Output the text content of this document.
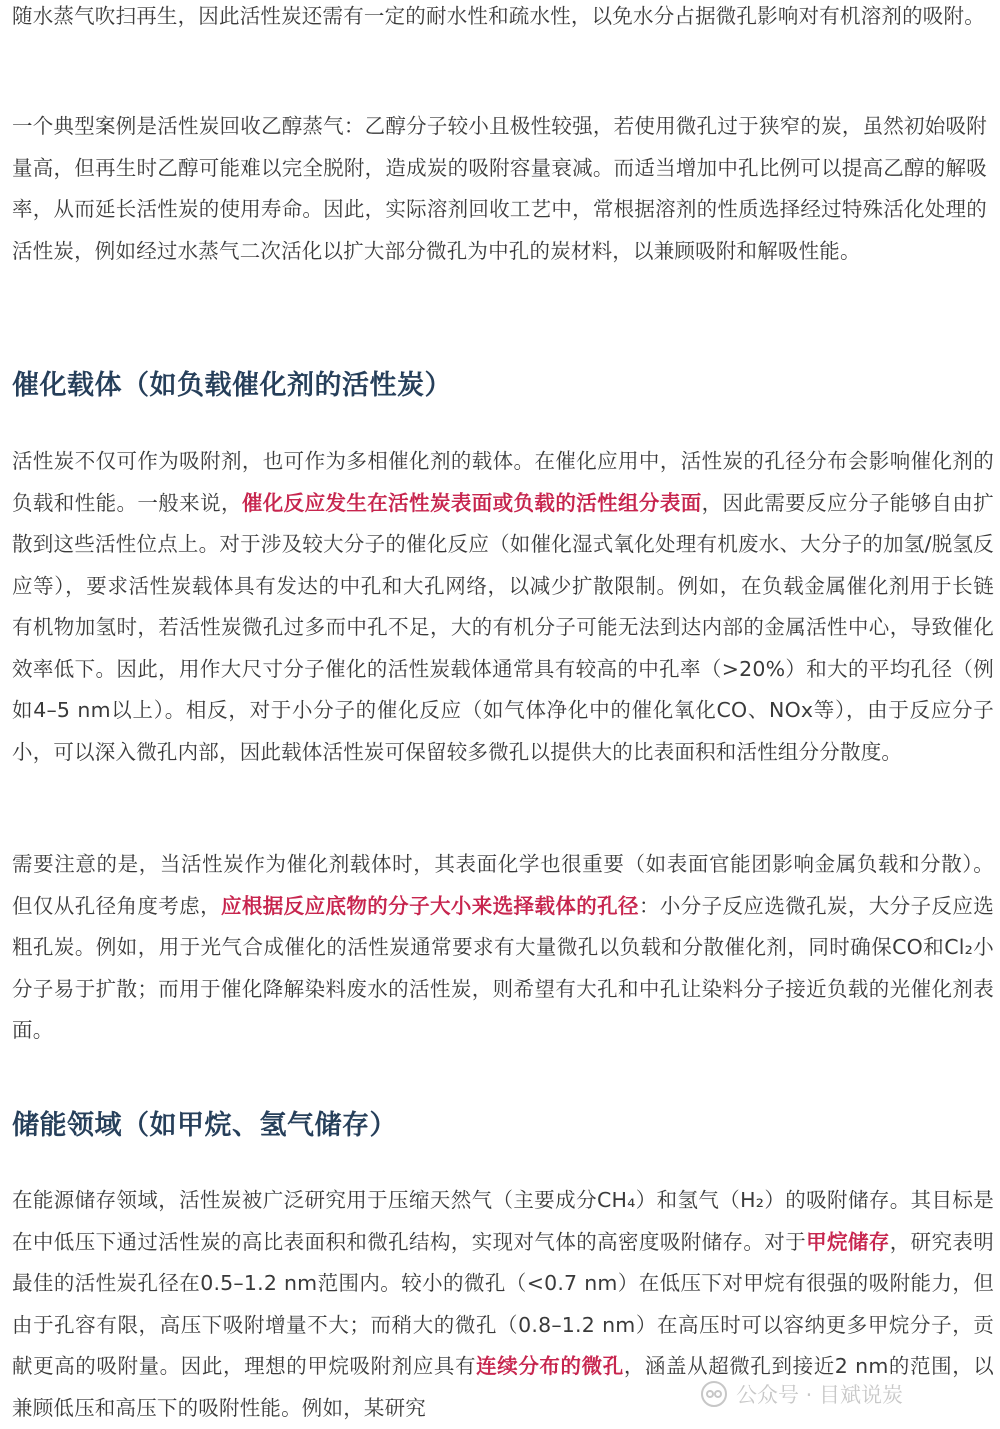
随水蒸气吹扫再生，因此活性炭还需有一定的耐水性和疏水性，以免水分占据微孔影响对有机溶剂的吸附。

一个典型案例是活性炭回收乙醇蒸气：乙醇分子较小且极性较强，若使用微孔过于狭窄的炭，虽然初始吸附量高，但再生时乙醇可能难以完全脱附，造成炭的吸附容量衰减。而适当增加中孔比例可以提高乙醇的解吸率，从而延长活性炭的使用寿命。因此，实际溶剂回收工艺中，常根据溶剂的性质选择经过特殊活化处理的活性炭，例如经过水蒸气二次活化以扩大部分微孔为中孔的炭材料，以兼顾吸附和解吸性能。

催化载体（如负载催化剂的活性炭）

活性炭不仅可作为吸附剂，也可作为多相催化剂的载体。在催化应用中，活性炭的孔径分布会影响催化剂的负载和性能。一般来说，催化反应发生在活性炭表面或负载的活性组分表面，因此需要反应分子能够自由扩散到这些活性位点上。对于涉及较大分子的催化反应（如催化湿式氧化处理有机废水、大分子的加氢/脱氢反应等），要求活性炭载体具有发达的中孔和大孔网络，以减少扩散限制。例如，在负载金属催化剂用于长链有机物加氢时，若活性炭微孔过多而中孔不足，大的有机分子可能无法到达内部的金属活性中心，导致催化效率低下。因此，用作大尺寸分子催化的活性炭载体通常具有较高的中孔率（>20%）和大的平均孔径（例如4–5 nm以上）。相反，对于小分子的催化反应（如气体净化中的催化氧化CO、NOx等），由于反应分子小，可以深入微孔内部，因此载体活性炭可保留较多微孔以提供大的比表面积和活性组分分散度。

需要注意的是，当活性炭作为催化剂载体时，其表面化学也很重要（如表面官能团影响金属负载和分散）。但仅从孔径角度考虑，应根据反应底物的分子大小来选择载体的孔径：小分子反应选微孔炭，大分子反应选粗孔炭。例如，用于光气合成催化的活性炭通常要求有大量微孔以负载和分散催化剂，同时确保CO和Cl₂小分子易于扩散；而用于催化降解染料废水的活性炭，则希望有大孔和中孔让染料分子接近负载的光催化剂表面。

储能领域（如甲烷、氢气储存）

在能源储存领域，活性炭被广泛研究用于压缩天然气（主要成分CH₄）和氢气（H₂）的吸附储存。其目标是在中低压下通过活性炭的高比表面积和微孔结构，实现对气体的高密度吸附储存。对于甲烷储存，研究表明最佳的活性炭孔径在0.5–1.2 nm范围内。较小的微孔（<0.7 nm）在低压下对甲烷有很强的吸附能力，但由于孔容有限，高压下吸附增量不大；而稍大的微孔（0.8–1.2 nm）在高压时可以容纳更多甲烷分子，贡献更高的吸附量。因此，理想的甲烷吸附剂应具有连续分布的微孔，涵盖从超微孔到接近2 nm的范围，以兼顾低压和高压下的吸附性能。例如，某研究

公众号 · 目斌说炭
